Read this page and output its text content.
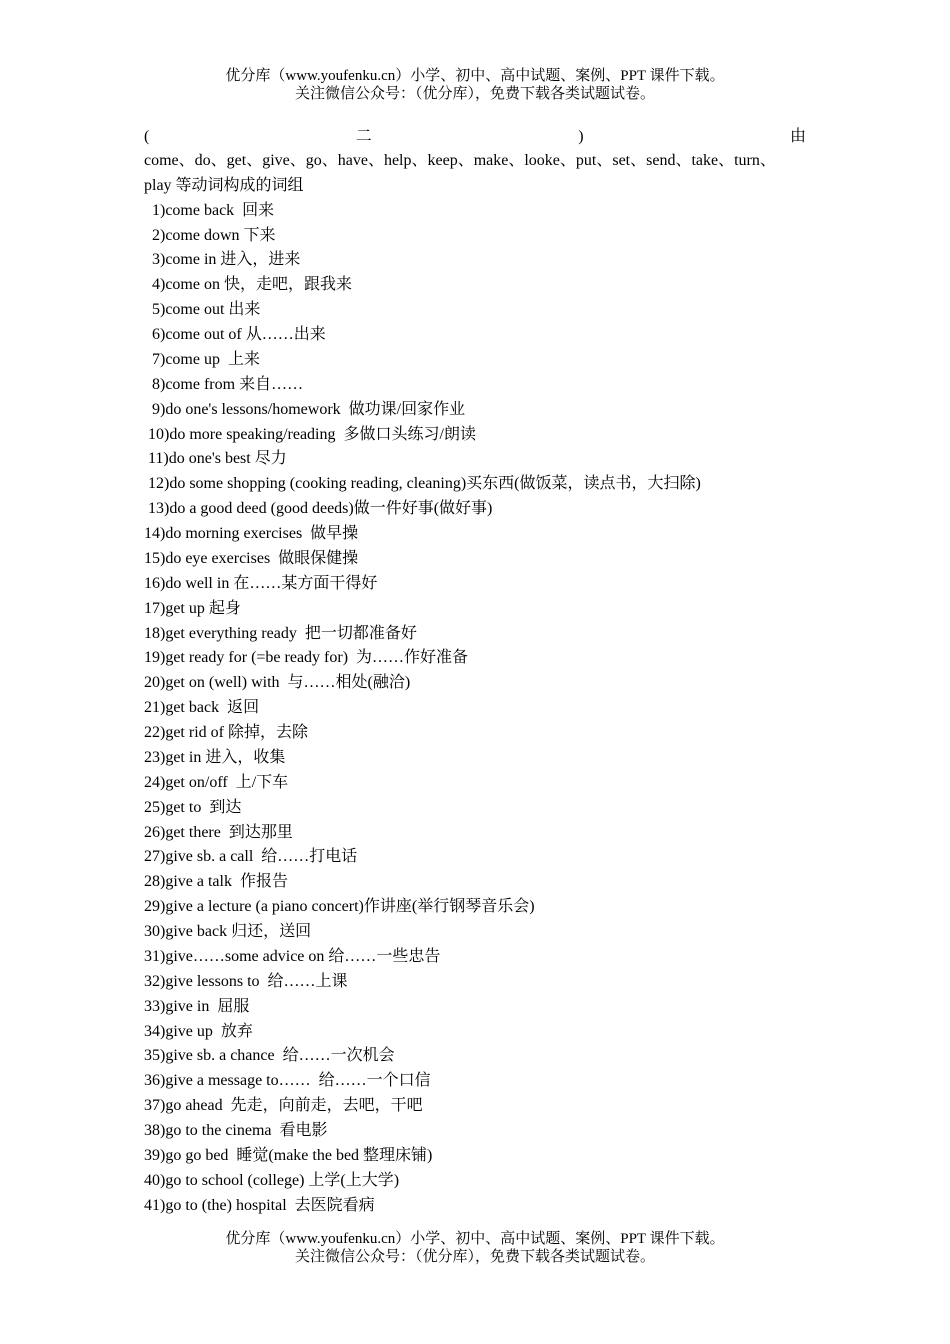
优分库（www.youfenku.cn）小学、初中、高中试题、案例、PPT 课件下载。
关注微信公众号：（优分库），免费下载各类试题试卷。
(	二	)	由
come、do、get、give、go、have、help、keep、make、looke、put、set、send、take、turn、
play 等动词构成的词组
1)come back  回来
2)come down 下来
3)come in 进入，进来
4)come on 快，走吧，跟我来
5)come out 出来
6)come out of 从……出来
7)come up  上来
8)come from 来自……
9)do one's lessons/homework  做功课/回家作业
10)do more speaking/reading  多做口头练习/朗读
11)do one's best 尽力
12)do some shopping (cooking reading, cleaning)买东西(做饭菜，读点书，大扫除)
13)do a good deed (good deeds)做一件好事(做好事)
14)do morning exercises  做早操
15)do eye exercises  做眼保健操
16)do well in 在……某方面干得好
17)get up 起身
18)get everything ready  把一切都准备好
19)get ready for (=be ready for)  为……作好准备
20)get on (well) with  与……相处(融洽)
21)get back  返回
22)get rid of 除掉，去除
23)get in 进入，收集
24)get on/off  上/下车
25)get to  到达
26)get there  到达那里
27)give sb. a call  给……打电话
28)give a talk  作报告
29)give a lecture (a piano concert)作讲座(举行钢琴音乐会)
30)give back 归还，送回
31)give……some advice on 给……一些忠告
32)give lessons to  给……上课
33)give in  屈服
34)give up  放弃
35)give sb. a chance  给……一次机会
36)give a message to……  给……一个口信
37)go ahead  先走，向前走，去吧，干吧
38)go to the cinema  看电影
39)go go bed  睡觉(make the bed 整理床铺)
40)go to school (college) 上学(上大学)
41)go to (the) hospital  去医院看病
优分库（www.youfenku.cn）小学、初中、高中试题、案例、PPT 课件下载。
关注微信公众号：（优分库），免费下载各类试题试卷。
